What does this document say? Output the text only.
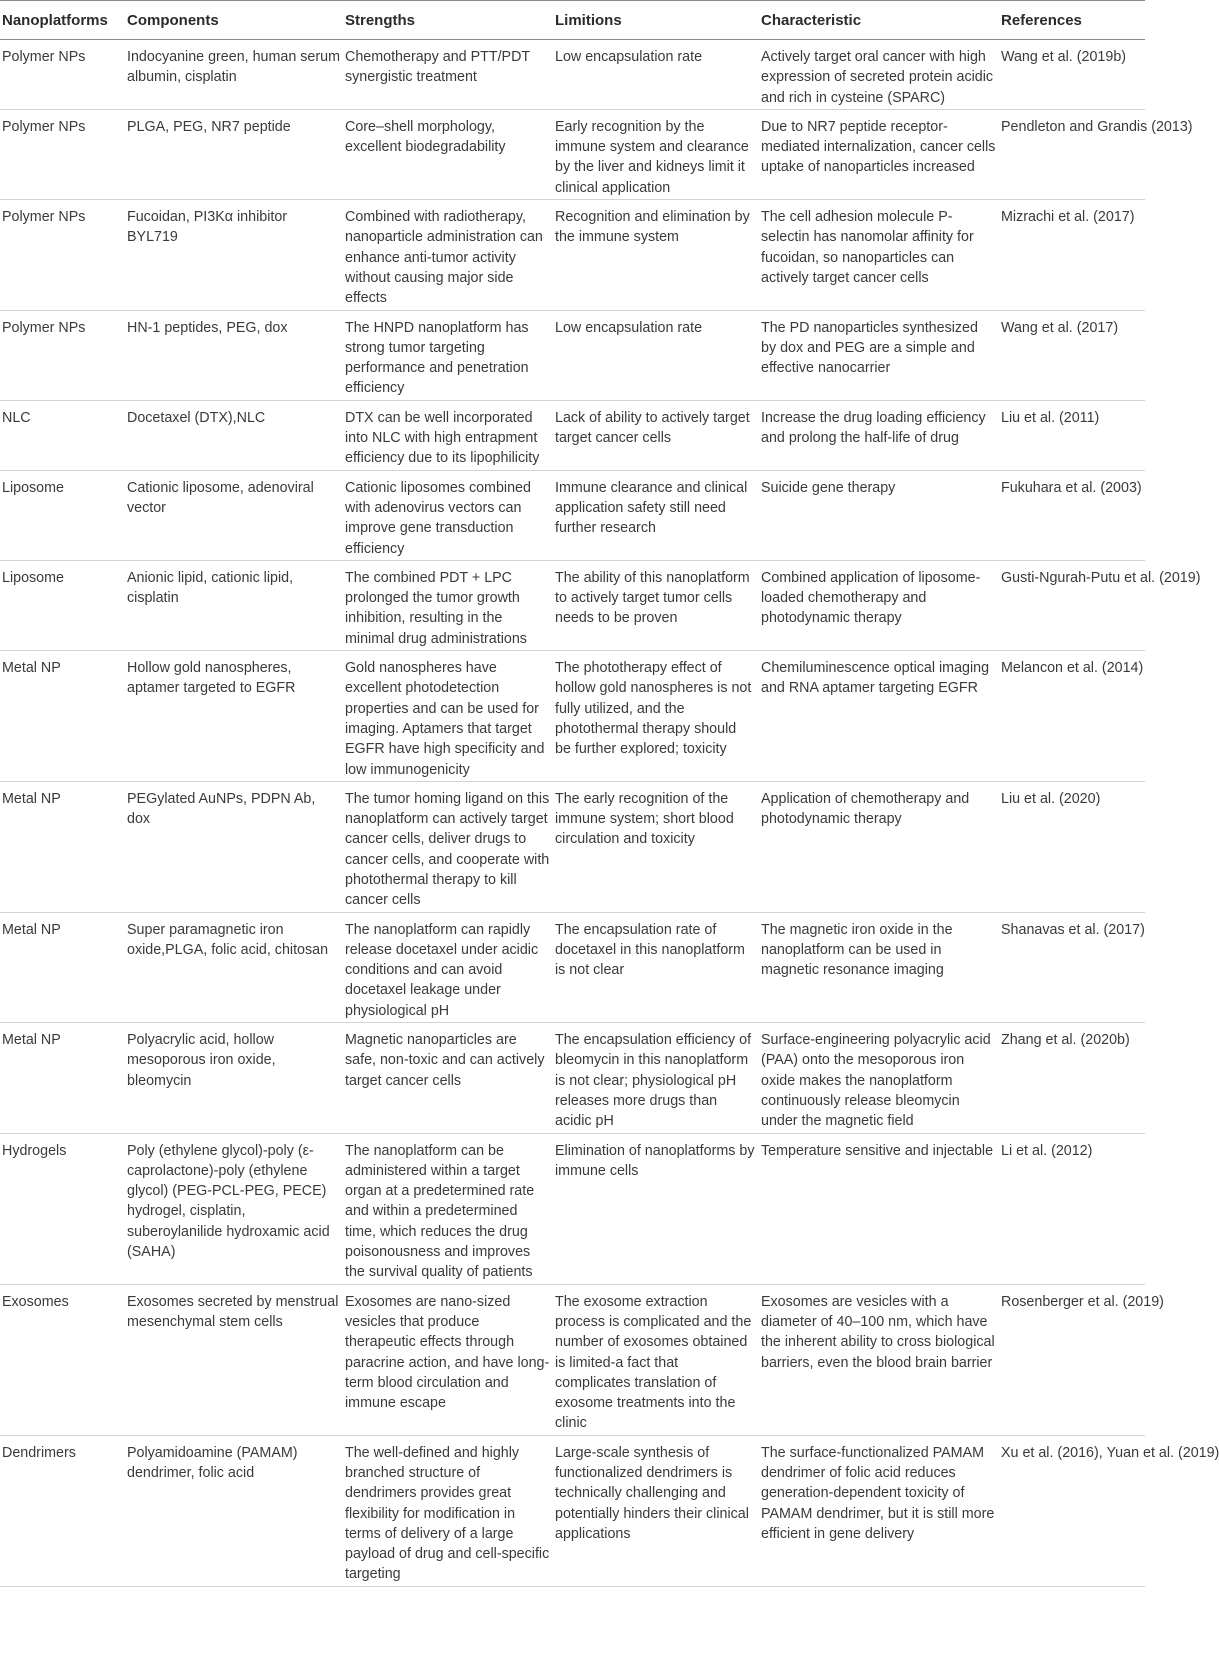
Nanoplatforms	Components	Strengths	Limitions	Characteristic	References
Polymer NPs	Indocyanine green, human serum albumin, cisplatin	Chemotherapy and PTT/PDT synergistic treatment	Low encapsulation rate	Actively target oral cancer with high expression of secreted protein acidic and rich in cysteine (SPARC)	Wang et al. (2019b)
Polymer NPs	PLGA, PEG, NR7 peptide	Core–shell morphology, excellent biodegradability	Early recognition by the immune system and clearance by the liver and kidneys limit it clinical application	Due to NR7 peptide receptor-mediated internalization, cancer cells uptake of nanoparticles increased	Pendleton and Grandis (2013)
Polymer NPs	Fucoidan, PI3Kα inhibitor BYL719	Combined with radiotherapy, nanoparticle administration can enhance anti-tumor activity without causing major side effects	Recognition and elimination by the immune system	The cell adhesion molecule P-selectin has nanomolar affinity for fucoidan, so nanoparticles can actively target cancer cells	Mizrachi et al. (2017)
Polymer NPs	HN-1 peptides, PEG, dox	The HNPD nanoplatform has strong tumor targeting performance and penetration efficiency	Low encapsulation rate	The PD nanoparticles synthesized by dox and PEG are a simple and effective nanocarrier	Wang et al. (2017)
NLC	Docetaxel (DTX),NLC	DTX can be well incorporated into NLC with high entrapment efficiency due to its lipophilicity	Lack of ability to actively target target cancer cells	Increase the drug loading efficiency and prolong the half-life of drug	Liu et al. (2011)
Liposome	Cationic liposome, adenoviral vector	Cationic liposomes combined with adenovirus vectors can improve gene transduction efficiency	Immune clearance and clinical application safety still need further research	Suicide gene therapy	Fukuhara et al. (2003)
Liposome	Anionic lipid, cationic lipid, cisplatin	The combined PDT + LPC prolonged the tumor growth inhibition, resulting in the minimal drug administrations	The ability of this nanoplatform to actively target tumor cells needs to be proven	Combined application of liposome-loaded chemotherapy and photodynamic therapy	Gusti-Ngurah-Putu et al. (2019)
Metal NP	Hollow gold nanospheres, aptamer targeted to EGFR	Gold nanospheres have excellent photodetection properties and can be used for imaging. Aptamers that target EGFR have high specificity and low immunogenicity	The phototherapy effect of hollow gold nanospheres is not fully utilized, and the photothermal therapy should be further explored; toxicity	Chemiluminescence optical imaging and RNA aptamer targeting EGFR	Melancon et al. (2014)
Metal NP	PEGylated AuNPs, PDPN Ab, dox	The tumor homing ligand on this nanoplatform can actively target cancer cells, deliver drugs to cancer cells, and cooperate with photothermal therapy to kill cancer cells	The early recognition of the immune system; short blood circulation and toxicity	Application of chemotherapy and photodynamic therapy	Liu et al. (2020)
Metal NP	Super paramagnetic iron oxide,PLGA, folic acid, chitosan	The nanoplatform can rapidly release docetaxel under acidic conditions and can avoid docetaxel leakage under physiological pH	The encapsulation rate of docetaxel in this nanoplatform is not clear	The magnetic iron oxide in the nanoplatform can be used in magnetic resonance imaging	Shanavas et al. (2017)
Metal NP	Polyacrylic acid, hollow mesoporous iron oxide, bleomycin	Magnetic nanoparticles are safe, non-toxic and can actively target cancer cells	The encapsulation efficiency of bleomycin in this nanoplatform is not clear; physiological pH releases more drugs than acidic pH	Surface-engineering polyacrylic acid (PAA) onto the mesoporous iron oxide makes the nanoplatform continuously release bleomycin under the magnetic field	Zhang et al. (2020b)
Hydrogels	Poly (ethylene glycol)-poly (ε-caprolactone)-poly (ethylene glycol) (PEG-PCL-PEG, PECE) hydrogel, cisplatin, suberoylanilide hydroxamic acid (SAHA)	The nanoplatform can be administered within a target organ at a predetermined rate and within a predetermined time, which reduces the drug poisonousness and improves the survival quality of patients	Elimination of nanoplatforms by immune cells	Temperature sensitive and injectable	Li et al. (2012)
Exosomes	Exosomes secreted by menstrual mesenchymal stem cells	Exosomes are nano-sized vesicles that produce therapeutic effects through paracrine action, and have long-term blood circulation and immune escape	The exosome extraction process is complicated and the number of exosomes obtained is limited-a fact that complicates translation of exosome treatments into the clinic	Exosomes are vesicles with a diameter of 40–100 nm, which have the inherent ability to cross biological barriers, even the blood brain barrier	Rosenberger et al. (2019)
Dendrimers	Polyamidoamine (PAMAM) dendrimer, folic acid	The well-defined and highly branched structure of dendrimers provides great flexibility for modification in terms of delivery of a large payload of drug and cell-specific targeting	Large-scale synthesis of functionalized dendrimers is technically challenging and potentially hinders their clinical applications	The surface-functionalized PAMAM dendrimer of folic acid reduces generation-dependent toxicity of PAMAM dendrimer, but it is still more efficient in gene delivery	Xu et al. (2016), Yuan et al. (2019)
